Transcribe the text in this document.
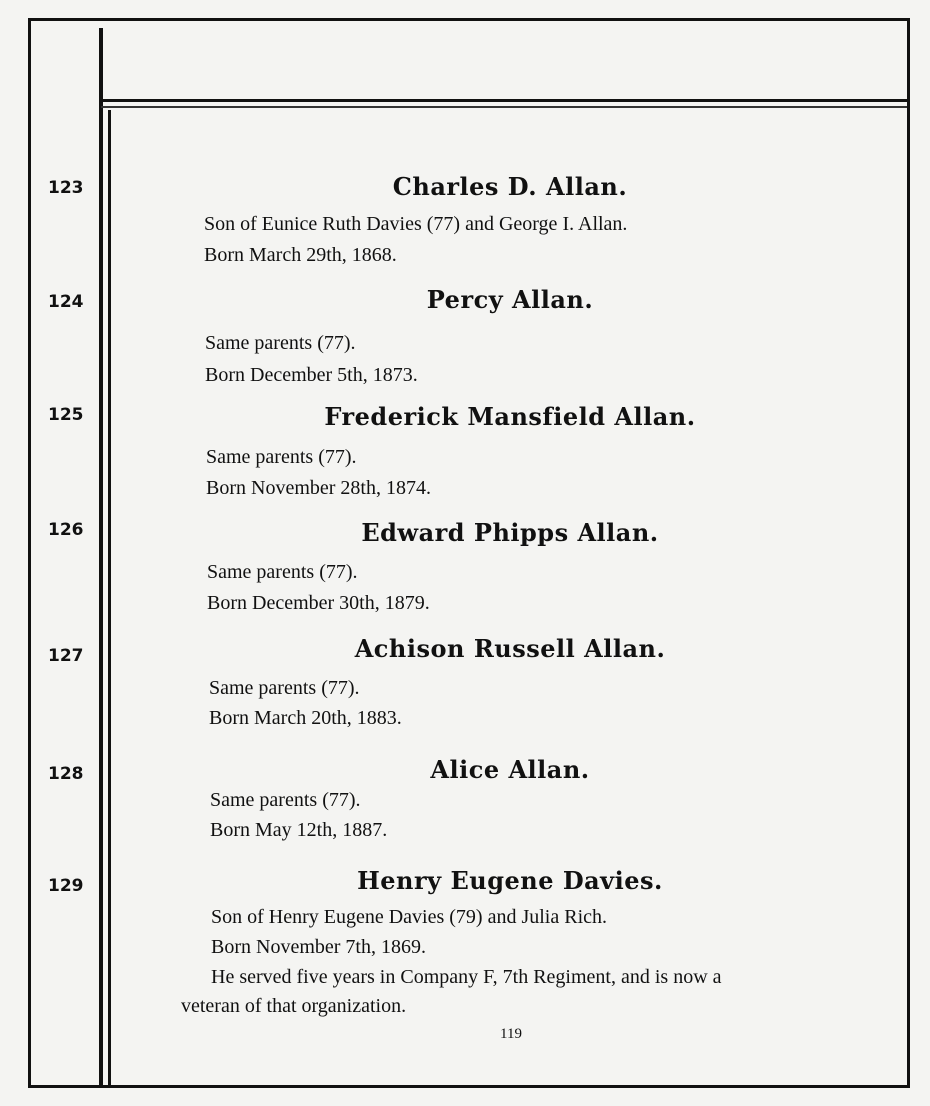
123	Charles D. Allan.
Son of Eunice Ruth Davies (77) and George I. Allan.
Born March 29th, 1868.
124	Percy Allan.
Same parents (77).
Born December 5th, 1873.
125	Frederick Mansfield Allan.
Same parents (77).
Born November 28th, 1874.
126	Edward Phipps Allan.
Same parents (77).
Born December 30th, 1879.
127	Achison Russell Allan.
Same parents (77).
Born March 20th, 1883.
128	Alice Allan.
Same parents (77).
Born May 12th, 1887.
129	Henry Eugene Davies.
Son of Henry Eugene Davies (79) and Julia Rich.
Born November 7th, 1869.
He served five years in Company F, 7th Regiment, and is now a
veteran of that organization.
119
